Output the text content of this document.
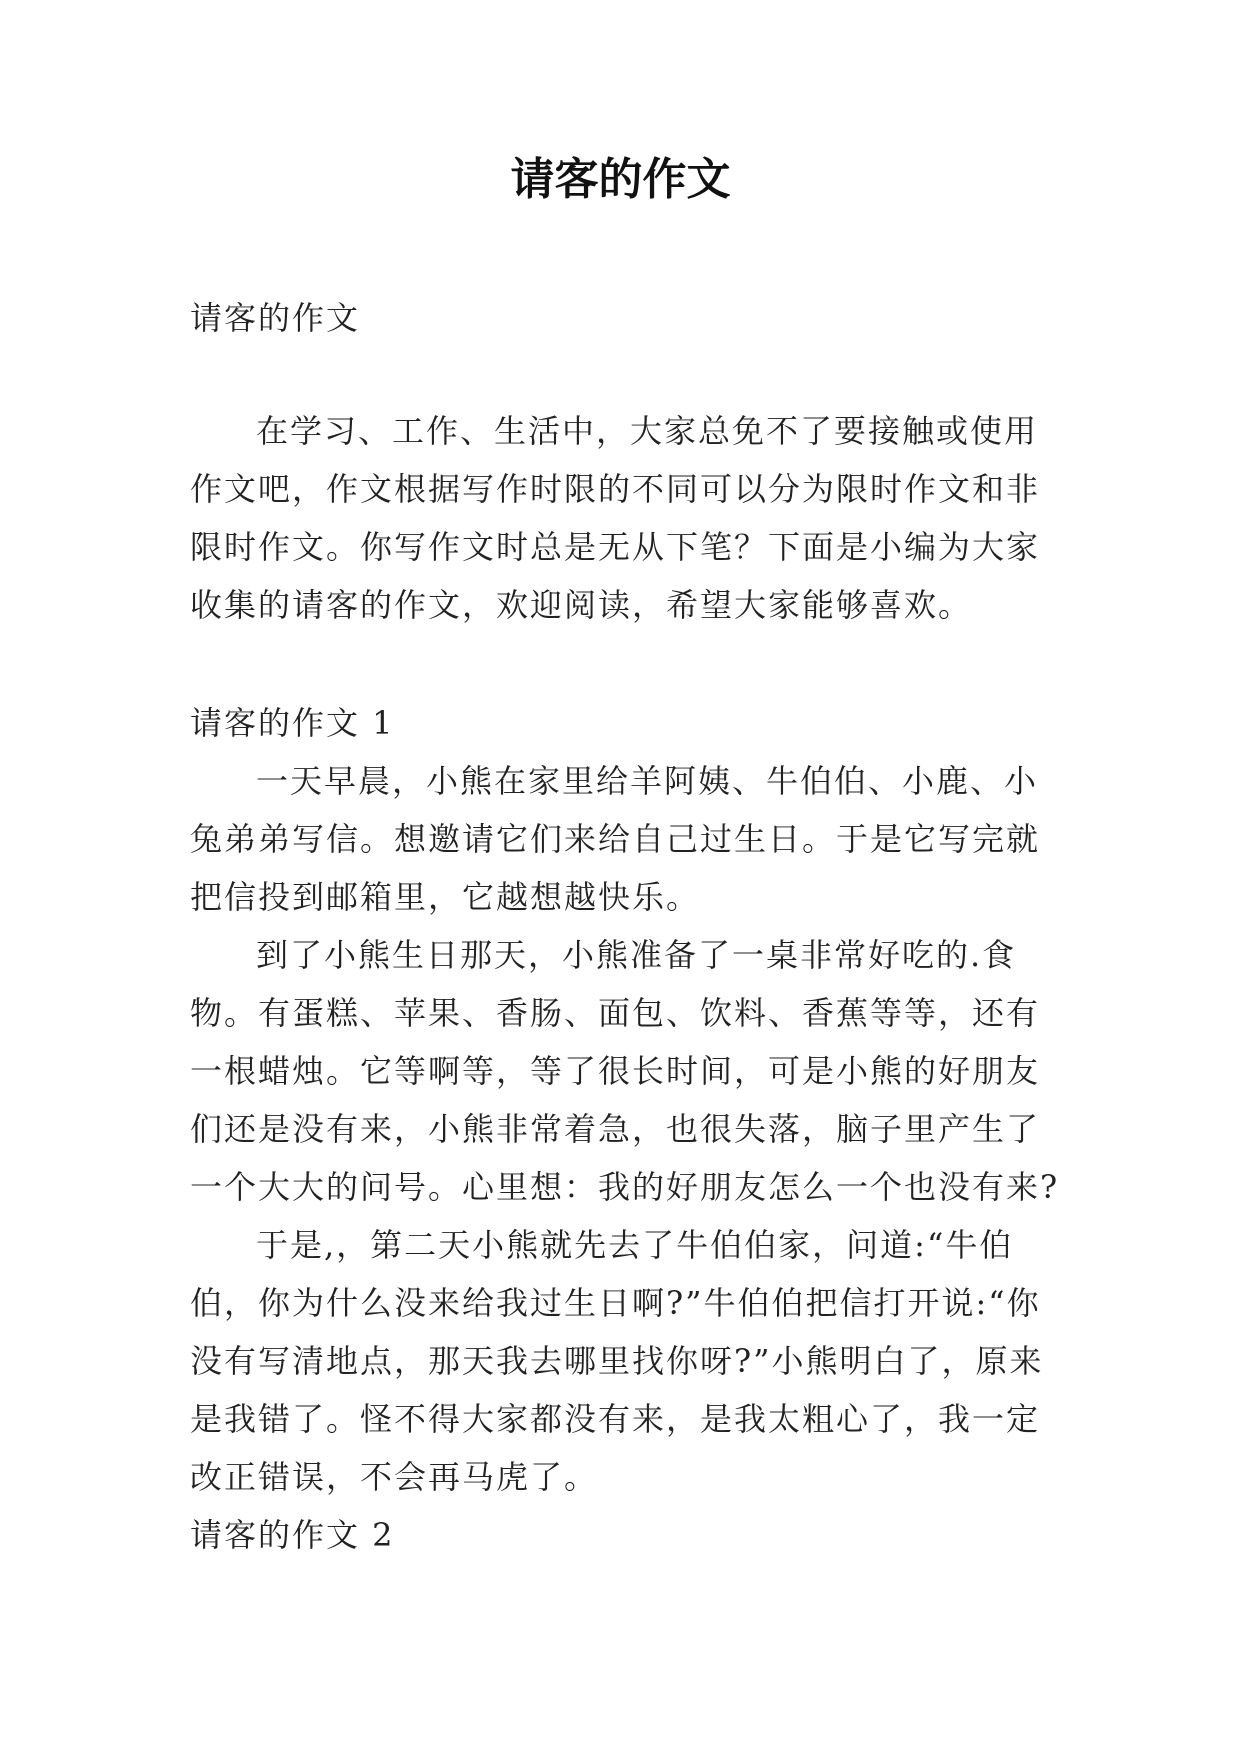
请客的作文
请客的作文

在学习、工作、生活中，大家总免不了要接触或使用作文吧，作文根据写作时限的不同可以分为限时作文和非限时作文。你写作文时总是无从下笔？下面是小编为大家收集的请客的作文，欢迎阅读，希望大家能够喜欢。

请客的作文 1

一天早晨，小熊在家里给羊阿姨、牛伯伯、小鹿、小兔弟弟写信。想邀请它们来给自己过生日。于是它写完就把信投到邮箱里，它越想越快乐。

到了小熊生日那天，小熊准备了一桌非常好吃的.食物。有蛋糕、苹果、香肠、面包、饮料、香蕉等等，还有一根蜡烛。它等啊等，等了很长时间，可是小熊的好朋友们还是没有来，小熊非常着急，也很失落，脑子里产生了一个大大的问号。心里想：我的好朋友怎么一个也没有来?

于是,，第二天小熊就先去了牛伯伯家，问道:“牛伯伯，你为什么没来给我过生日啊?”牛伯伯把信打开说:“你没有写清地点，那天我去哪里找你呀?”小熊明白了，原来是我错了。怪不得大家都没有来，是我太粗心了，我一定改正错误，不会再马虎了。

请客的作文 2
